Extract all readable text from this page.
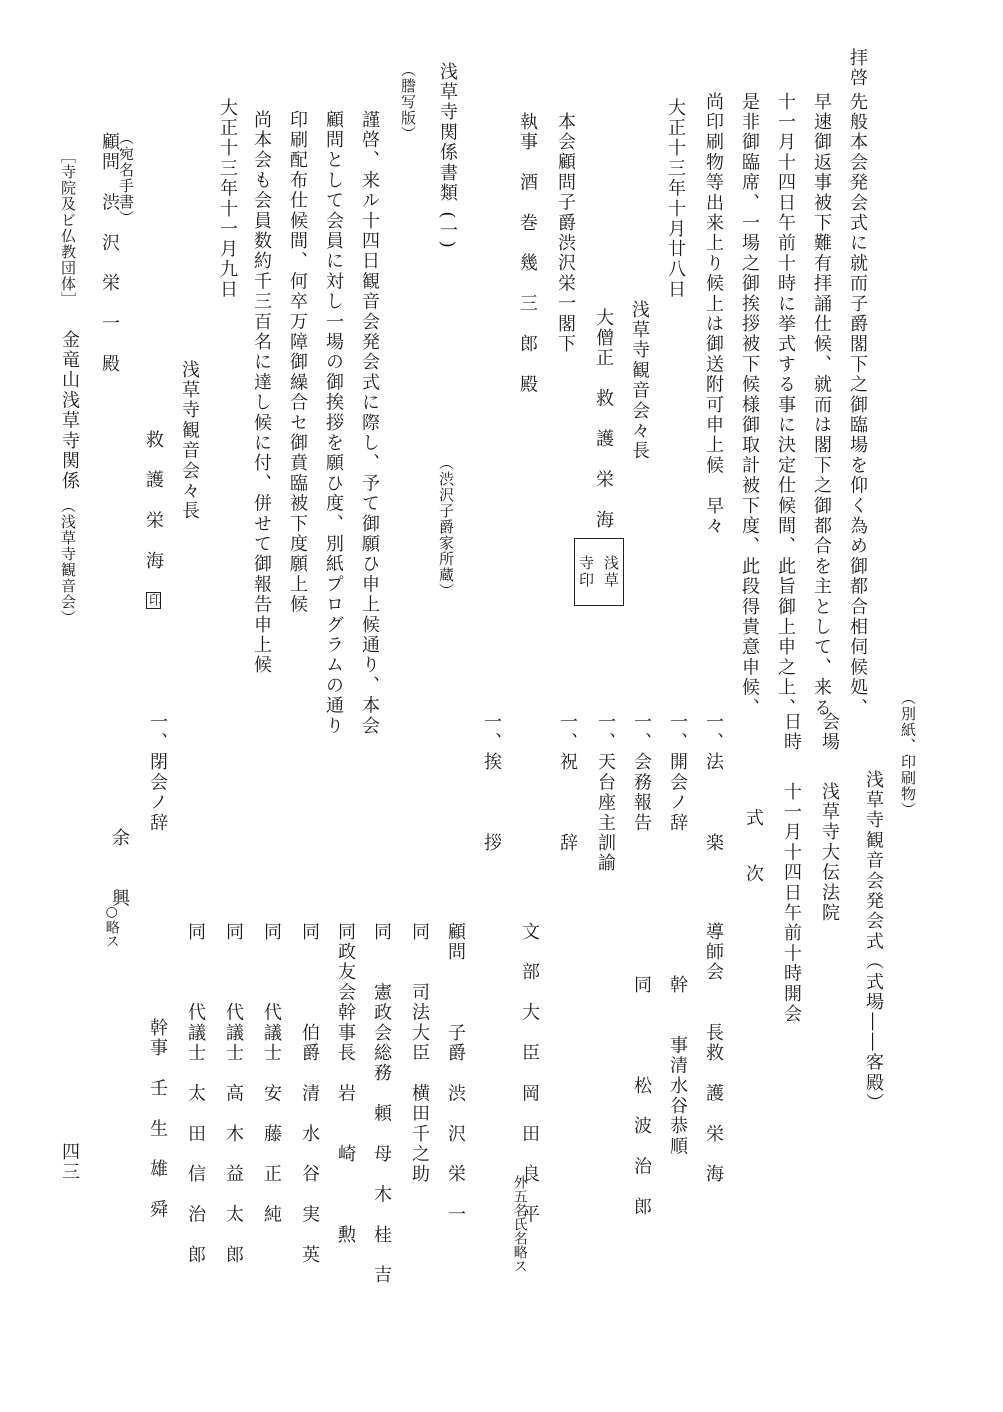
拝啓
先般本会発会式に就而子爵閣下之御臨場を仰く為め御都合相伺候処、
早速御返事被下難有拝誦仕候、就而は閣下之御都合を主として、来る
十一月十四日午前十時に挙式する事に決定仕候間、此旨御上申之上、
是非御臨席、一場之御挨拶被下候様御取計被下度、此段得貴意申候、
尚印刷物等出来上り候上は御送附可申上候　早々
大正十三年十月廿八日
浅草寺観音会々長
大僧正　救　護　栄　海
浅草
寺印
本会顧問子爵渋沢栄一閣下
執事　酒　巻　幾　三　郎　殿
浅草寺関係書類 (一)
（渋沢子爵家所蔵）
（謄写版）
謹啓、来ル十四日観音会発会式に際し、予て御願ひ申上候通り、本会
顧問として会員に対し一場の御挨拶を願ひ度、別紙プログラムの通り
印刷配布仕候間、何卒万障御繰合セ御賁臨被下度願上候
尚本会も会員数約千三百名に達し候に付、併せて御報告申上候
大正十三年十一月九日
浅草寺観音会々長
救　護　栄　海　印
（宛名手書）
顧問　渋　沢　栄　一　殿
［寺院及ビ仏教団体］
金竜山浅草寺関係
（浅草寺観音会）
（別紙、印刷物）
浅草寺観音会発会式（式場――客殿）
会場
浅草寺大伝法院
日時
十一月十四日午前十時開会
式　次
一、法　　　楽
導師会　　長救　護　栄　海
一、開会ノ辞
幹　　事清水谷恭順
一、会務報告
同　　　　松　波　治　郎
一、天台座主訓諭
一、祝　　　辞
文　部　大　臣　岡　田　良　平
外五名氏名略ス
一、挨　　　拶
顧問　　　子爵　渋　沢　栄　一
同　　司法大臣　横田千之助
同　　憲政会総務　頼　母　木　桂　吉
同政友会幹事長　岩　　崎　　　勲
同　　　　伯爵　清　水　谷　実　英
同　　　代議士　安　藤　正　純
同　　　代議士　高　木　益　太　郎
同　　　代議士　太　田　信　治　郎
一、閉会ノ辞
幹事　壬　生　雄　舜
余　　興
○略ス
四三
